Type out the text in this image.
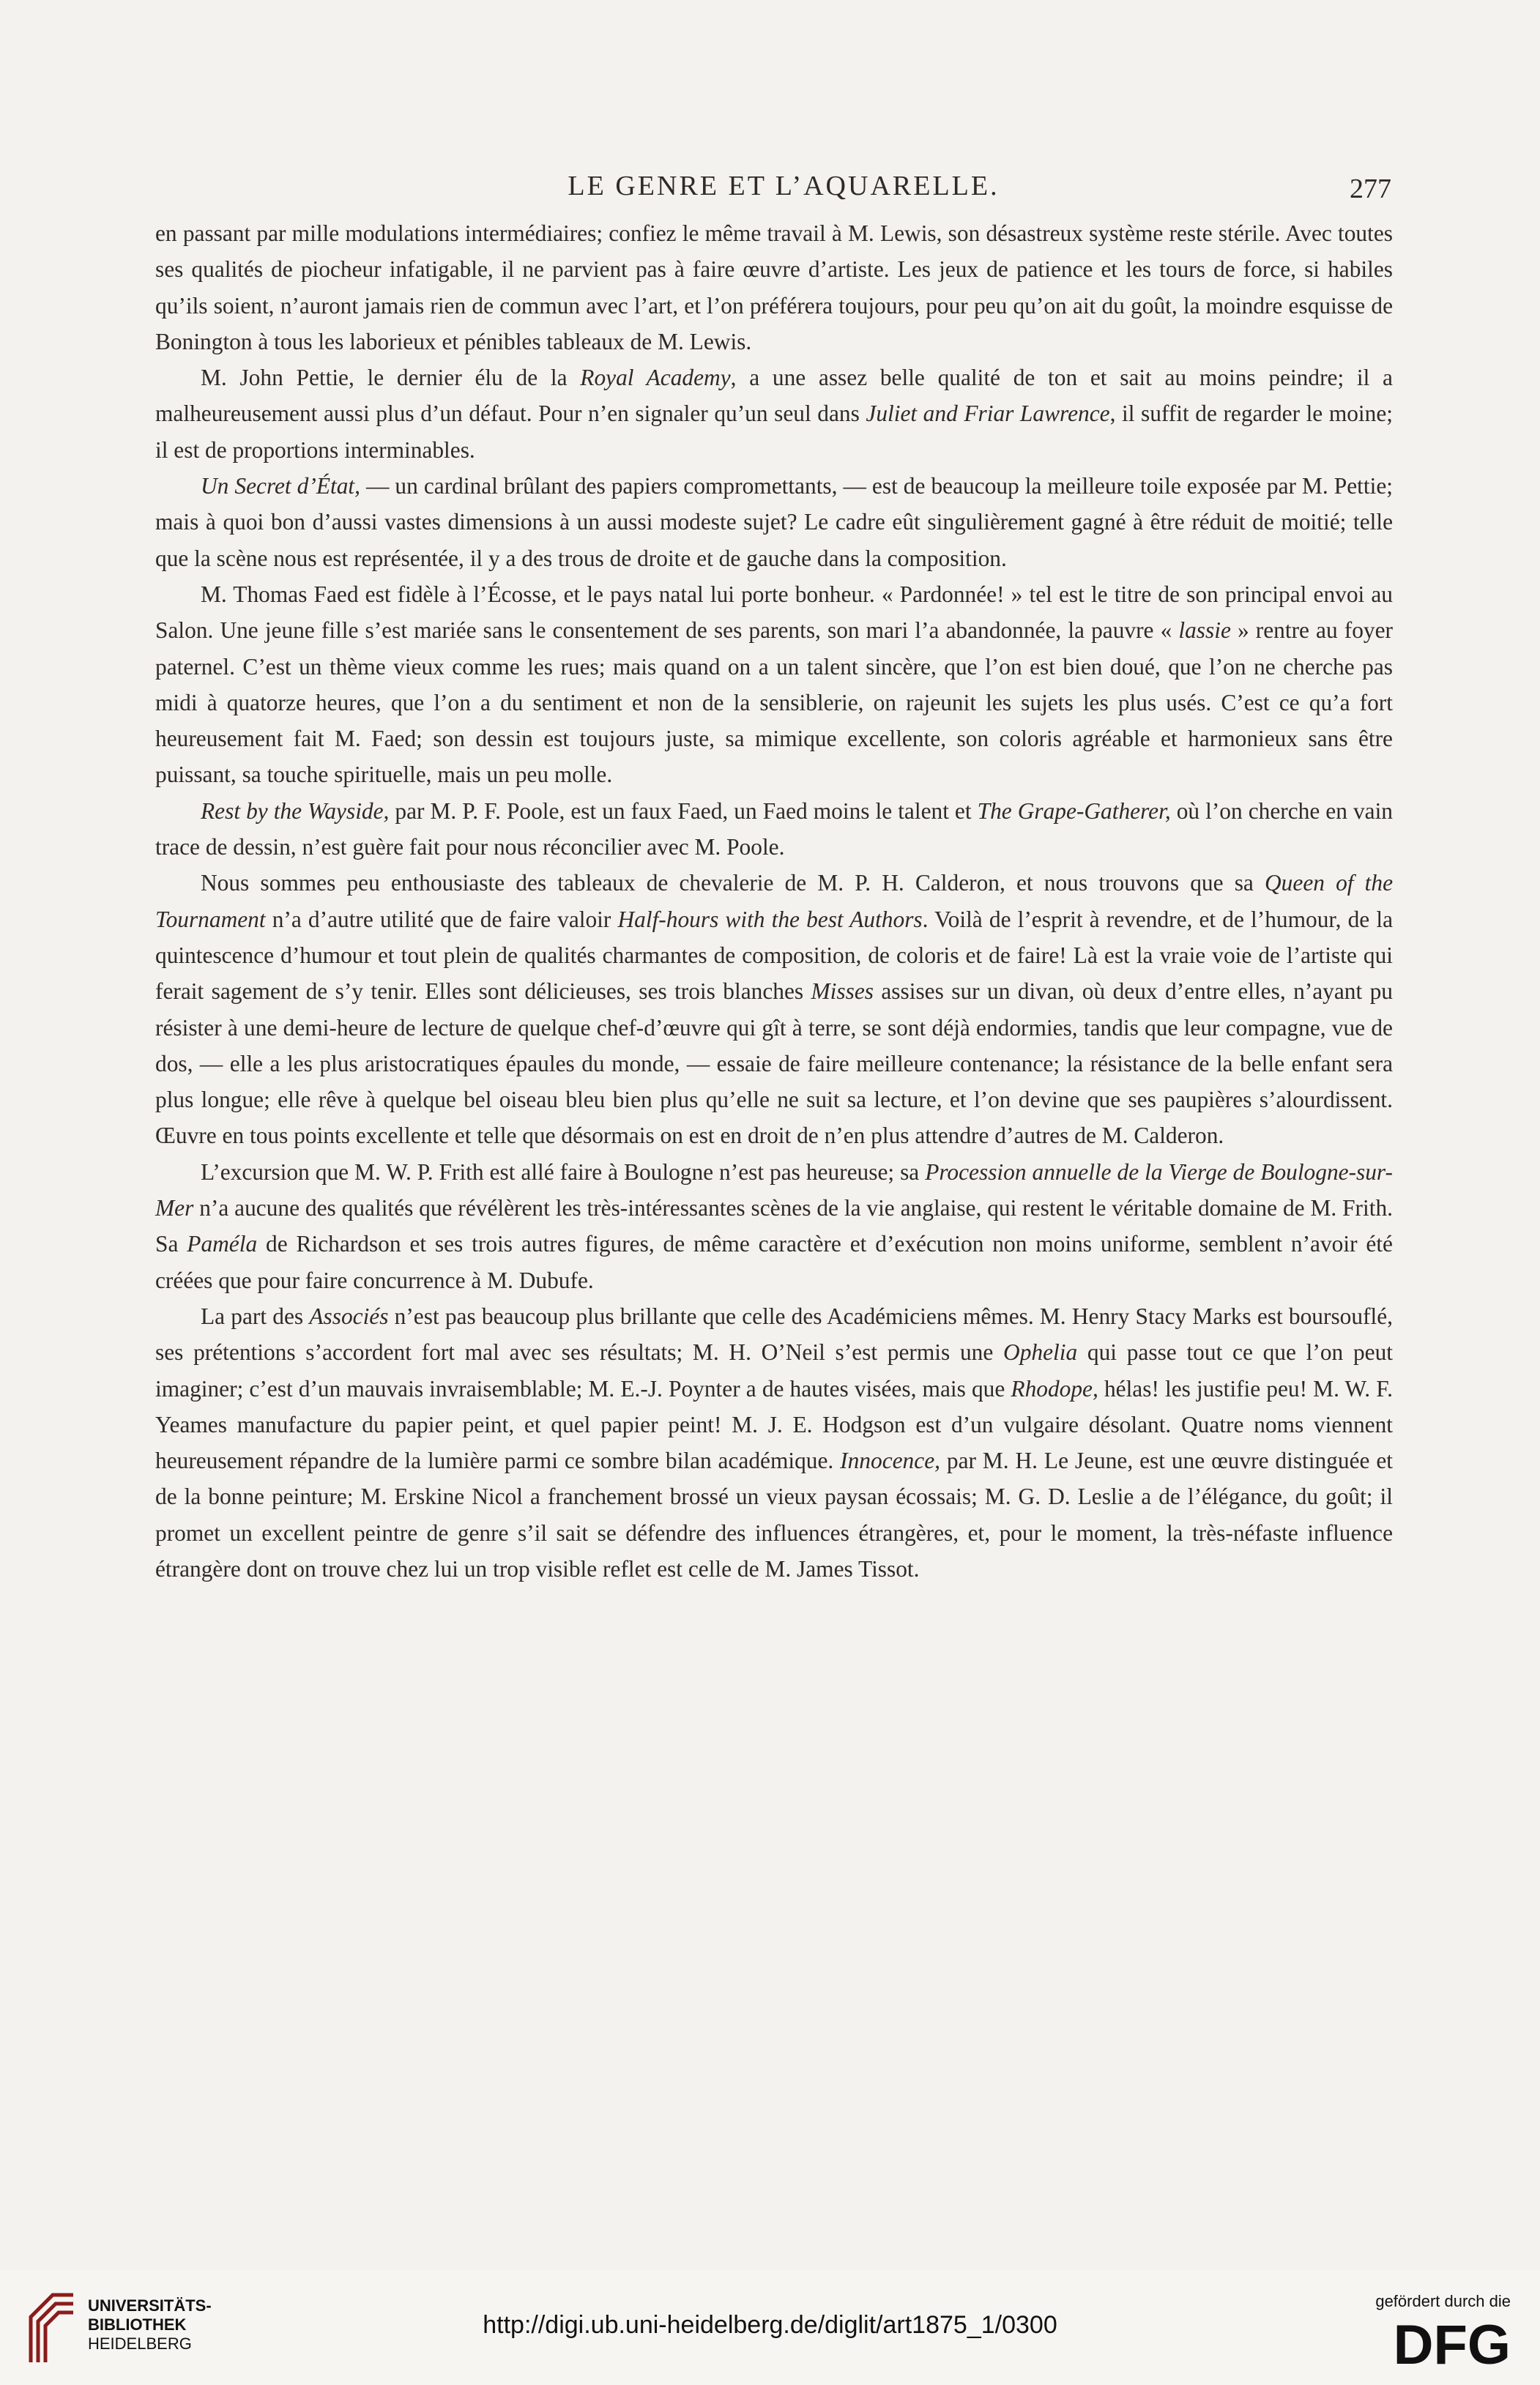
LE GENRE ET L’AQUARELLE.	277

en passant par mille modulations intermédiaires; confiez le même travail à M. Lewis, son désastreux système reste stérile. Avec toutes ses qualités de piocheur infatigable, il ne parvient pas à faire œuvre d’artiste. Les jeux de patience et les tours de force, si habiles qu’ils soient, n’auront jamais rien de commun avec l’art, et l’on préférera toujours, pour peu qu’on ait du goût, la moindre esquisse de Bonington à tous les laborieux et pénibles tableaux de M. Lewis.

M. John Pettie, le dernier élu de la Royal Academy, a une assez belle qualité de ton et sait au moins peindre; il a malheureusement aussi plus d’un défaut. Pour n’en signaler qu’un seul dans Juliet and Friar Lawrence, il suffit de regarder le moine; il est de proportions interminables.

Un Secret d’État, — un cardinal brûlant des papiers compromettants, — est de beaucoup la meilleure toile exposée par M. Pettie; mais à quoi bon d’aussi vastes dimensions à un aussi modeste sujet? Le cadre eût singulièrement gagné à être réduit de moitié; telle que la scène nous est représentée, il y a des trous de droite et de gauche dans la composition.

M. Thomas Faed est fidèle à l’Écosse, et le pays natal lui porte bonheur. « Pardonnée! » tel est le titre de son principal envoi au Salon. Une jeune fille s’est mariée sans le consentement de ses parents, son mari l’a abandonnée, la pauvre « lassie » rentre au foyer paternel. C’est un thème vieux comme les rues; mais quand on a un talent sincère, que l’on est bien doué, que l’on ne cherche pas midi à quatorze heures, que l’on a du sentiment et non de la sensiblerie, on rajeunit les sujets les plus usés. C’est ce qu’a fort heureusement fait M. Faed; son dessin est toujours juste, sa mimique excellente, son coloris agréable et harmonieux sans être puissant, sa touche spirituelle, mais un peu molle.

Rest by the Wayside, par M. P. F. Poole, est un faux Faed, un Faed moins le talent et The Grape-Gatherer, où l’on cherche en vain trace de dessin, n’est guère fait pour nous réconcilier avec M. Poole.

Nous sommes peu enthousiaste des tableaux de chevalerie de M. P. H. Calderon, et nous trouvons que sa Queen of the Tournament n’a d’autre utilité que de faire valoir Half-hours with the best Authors. Voilà de l’esprit à revendre, et de l’humour, de la quintescence d’humour et tout plein de qualités charmantes de composition, de coloris et de faire! Là est la vraie voie de l’artiste qui ferait sagement de s’y tenir. Elles sont délicieuses, ses trois blanches Misses assises sur un divan, où deux d’entre elles, n’ayant pu résister à une demi-heure de lecture de quelque chef-d’œuvre qui gît à terre, se sont déjà endormies, tandis que leur compagne, vue de dos, — elle a les plus aristocratiques épaules du monde, — essaie de faire meilleure contenance; la résistance de la belle enfant sera plus longue; elle rêve à quelque bel oiseau bleu bien plus qu’elle ne suit sa lecture, et l’on devine que ses paupières s’alourdissent. Œuvre en tous points excellente et telle que désormais on est en droit de n’en plus attendre d’autres de M. Calderon.

L’excursion que M. W. P. Frith est allé faire à Boulogne n’est pas heureuse; sa Procession annuelle de la Vierge de Boulogne-sur-Mer n’a aucune des qualités que révélèrent les très-intéressantes scènes de la vie anglaise, qui restent le véritable domaine de M. Frith. Sa Paméla de Richardson et ses trois autres figures, de même caractère et d’exécution non moins uniforme, semblent n’avoir été créées que pour faire concurrence à M. Dubufe.

La part des Associés n’est pas beaucoup plus brillante que celle des Académiciens mêmes. M. Henry Stacy Marks est boursouflé, ses prétentions s’accordent fort mal avec ses résultats; M. H. O’Neil s’est permis une Ophelia qui passe tout ce que l’on peut imaginer; c’est d’un mauvais invraisemblable; M. E.-J. Poynter a de hautes visées, mais que Rhodope, hélas! les justifie peu! M. W. F. Yeames manufacture du papier peint, et quel papier peint! M. J. E. Hodgson est d’un vulgaire désolant. Quatre noms viennent heureusement répandre de la lumière parmi ce sombre bilan académique. Innocence, par M. H. Le Jeune, est une œuvre distinguée et de la bonne peinture; M. Erskine Nicol a franchement brossé un vieux paysan écossais; M. G. D. Leslie a de l’élégance, du goût; il promet un excellent peintre de genre s’il sait se défendre des influences étrangères, et, pour le moment, la très-néfaste influence étrangère dont on trouve chez lui un trop visible reflet est celle de M. James Tissot.

UNIVERSITÄTS-
BIBLIOTHEK
HEIDELBERG
http://digi.ub.uni-heidelberg.de/diglit/art1875_1/0300
gefördert durch die
DFG
